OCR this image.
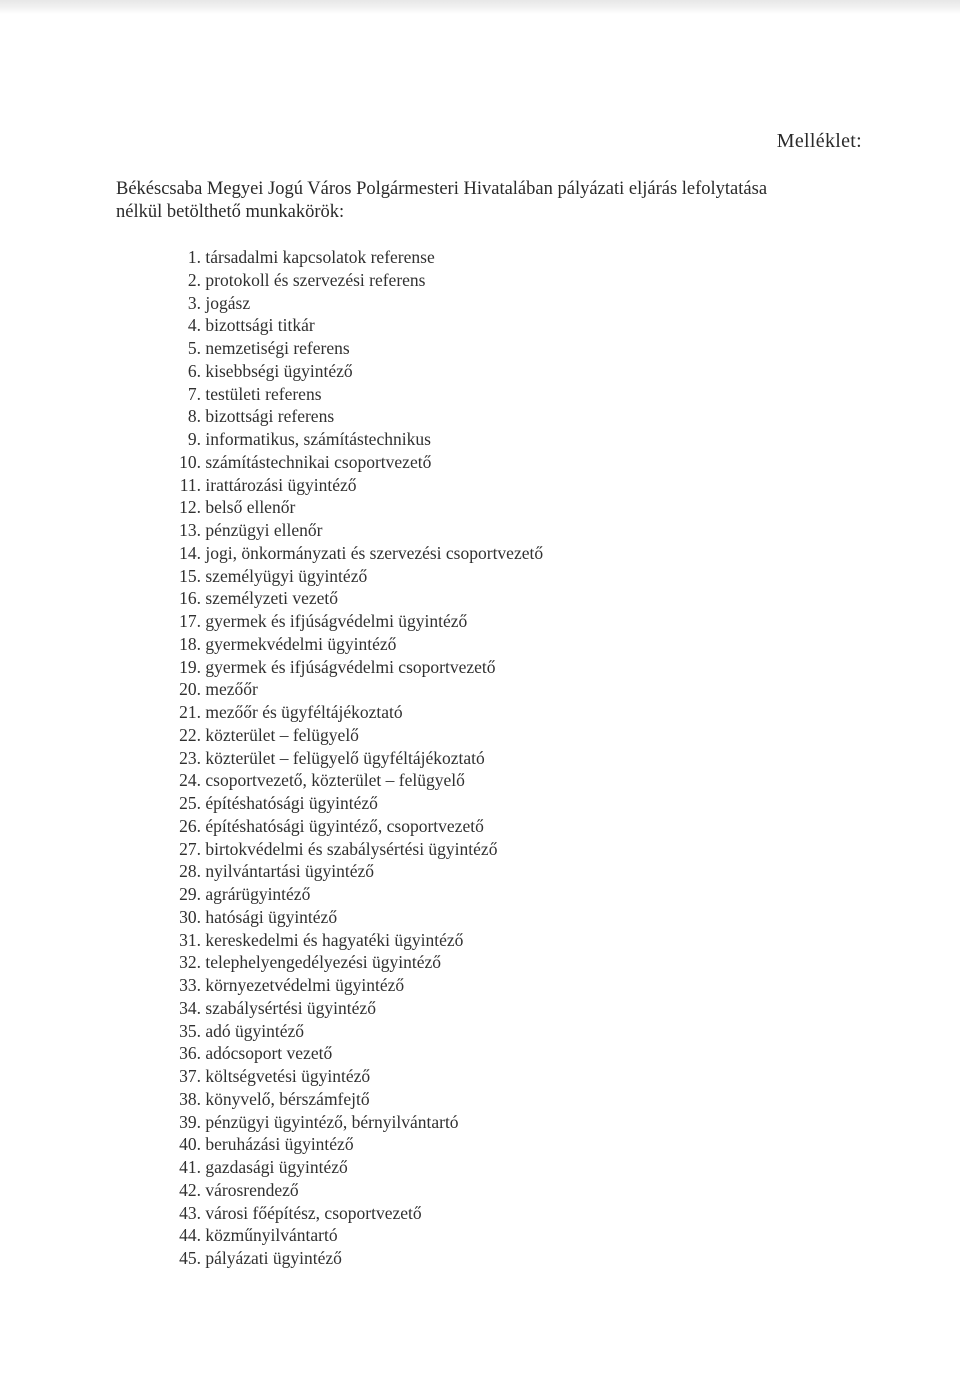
Melléklet:
Békéscsaba Megyei Jogú Város Polgármesteri Hivatalában pályázati eljárás lefolytatása
nélkül betölthető munkakörök:
1.
társadalmi kapcsolatok referense
2.
protokoll és szervezési referens
3.
jogász
4.
bizottsági titkár
5.
nemzetiségi referens
6.
kisebbségi ügyintéző
7.
testületi referens
8.
bizottsági referens
9.
informatikus, számítástechnikus
10.
számítástechnikai csoportvezető
11.
irattározási ügyintéző
12.
belső ellenőr
13.
pénzügyi ellenőr
14.
jogi, önkormányzati és szervezési csoportvezető
15.
személyügyi ügyintéző
16.
személyzeti vezető
17.
gyermek és ifjúságvédelmi ügyintéző
18.
gyermekvédelmi ügyintéző
19.
gyermek és ifjúságvédelmi csoportvezető
20.
mezőőr
21.
mezőőr és ügyféltájékoztató
22.
közterület – felügyelő
23.
közterület – felügyelő ügyféltájékoztató
24.
csoportvezető, közterület – felügyelő
25.
építéshatósági ügyintéző
26.
építéshatósági ügyintéző, csoportvezető
27.
birtokvédelmi és szabálysértési ügyintéző
28.
nyilvántartási ügyintéző
29.
agrárügyintéző
30.
hatósági ügyintéző
31.
kereskedelmi és hagyatéki ügyintéző
32.
telephelyengedélyezési ügyintéző
33.
környezetvédelmi ügyintéző
34.
szabálysértési ügyintéző
35.
adó ügyintéző
36.
adócsoport vezető
37.
költségvetési ügyintéző
38.
könyvelő, bérszámfejtő
39.
pénzügyi ügyintéző, bérnyilvántartó
40.
beruházási ügyintéző
41.
gazdasági ügyintéző
42.
városrendező
43.
városi főépítész, csoportvezető
44.
közműnyilvántartó
45.
pályázati ügyintéző
